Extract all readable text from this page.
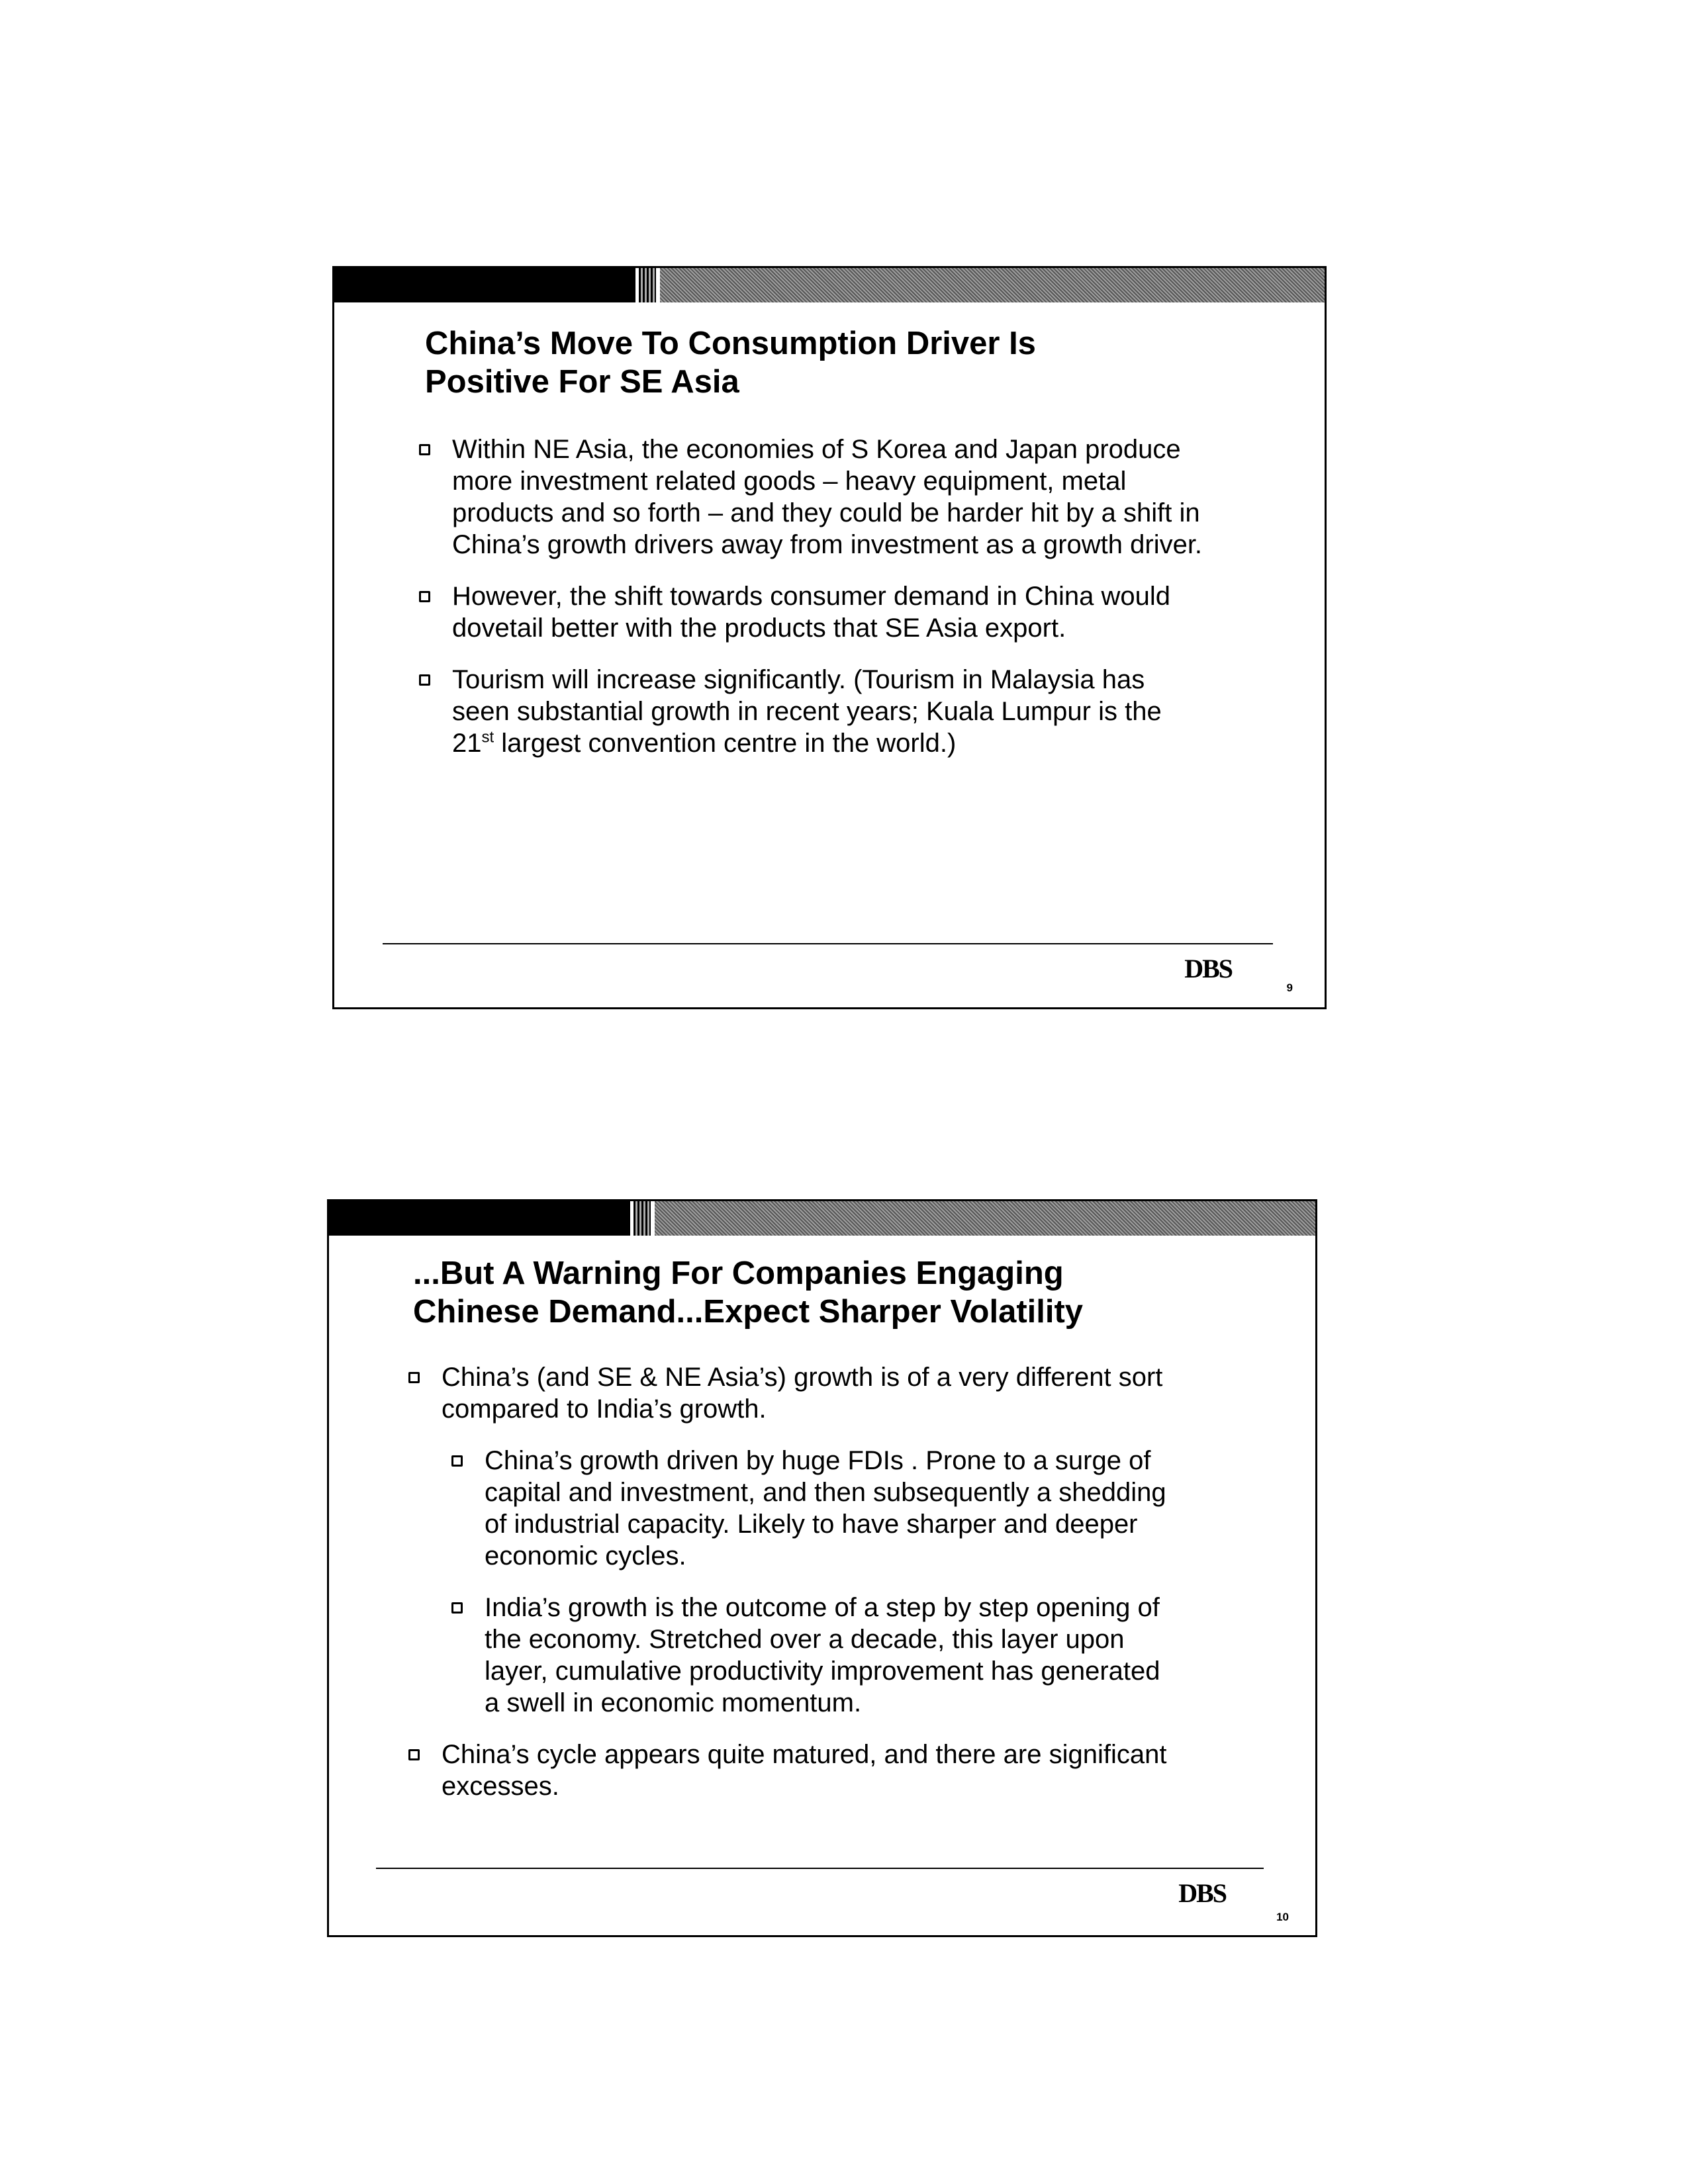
China’s Move To Consumption Driver Is
Positive For SE Asia
Within NE Asia, the economies of S Korea and Japan produce
more investment related goods – heavy equipment, metal
products and so forth – and they could be harder hit by a shift in
China’s growth drivers away from investment as a growth driver.
However, the shift towards consumer demand in China would
dovetail better with the products that SE Asia export.
Tourism will increase significantly. (Tourism in Malaysia has
seen substantial growth in recent years; Kuala Lumpur is the
21st largest convention centre in the world.)
DBS
9
...But A Warning For Companies Engaging
Chinese Demand...Expect Sharper Volatility
China’s (and SE & NE Asia’s) growth is of a very different sort
compared to India’s growth.
China’s growth driven by huge FDIs . Prone to a surge of
capital and investment, and then subsequently a shedding
of industrial capacity. Likely to have sharper and deeper
economic cycles.
India’s growth is the outcome of a step by step opening of
the economy. Stretched over a decade, this layer upon
layer, cumulative productivity improvement has generated
a swell in economic momentum.
China’s cycle appears quite matured, and there are significant
excesses.
DBS
10
